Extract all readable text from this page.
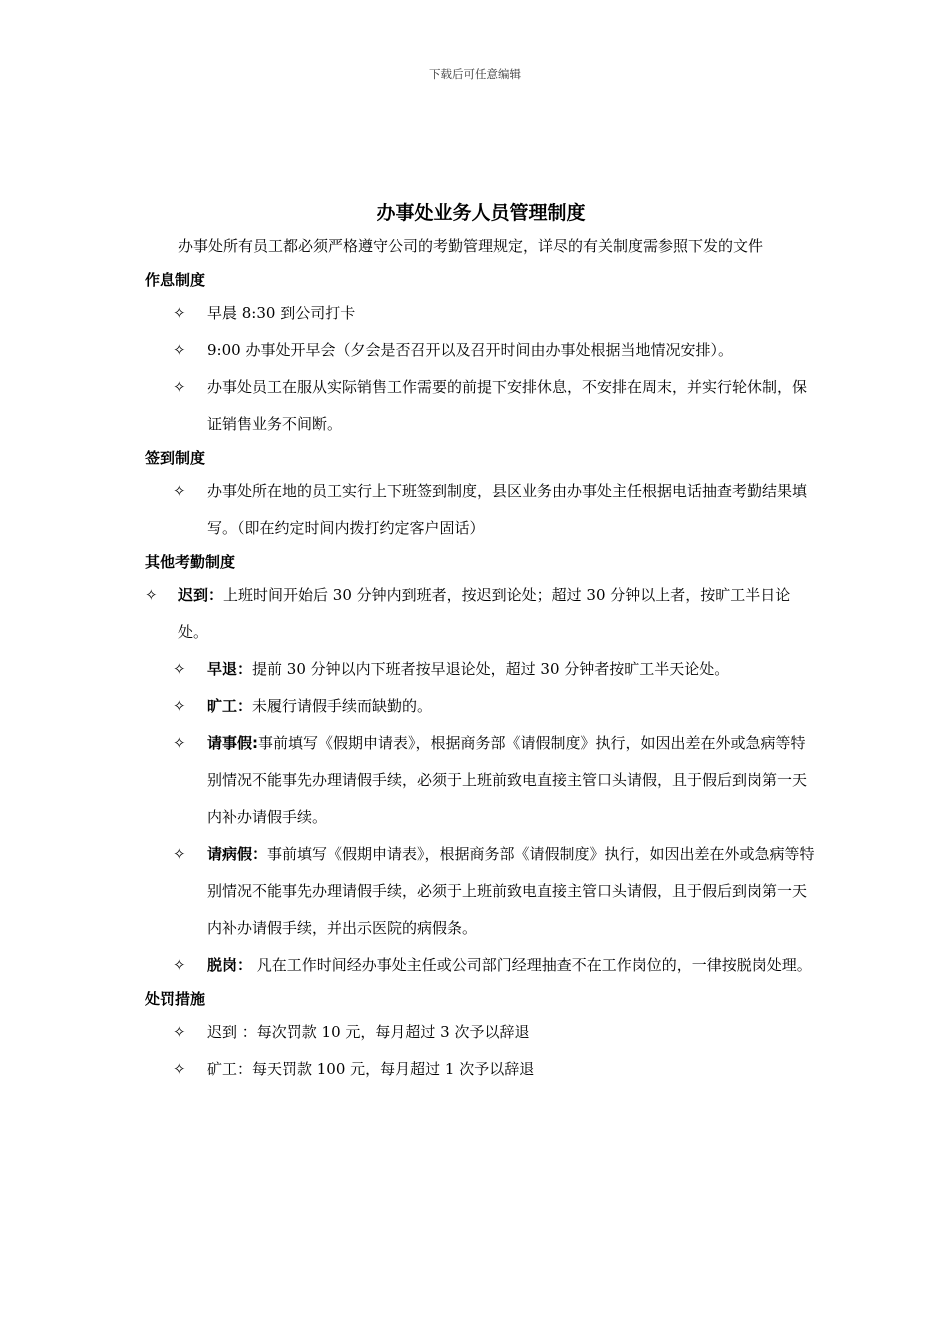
下载后可任意编辑
办事处业务人员管理制度
办事处所有员工都必须严格遵守公司的考勤管理规定，详尽的有关制度需参照下发的文件
作息制度
✧ 早晨 8:30 到公司打卡
✧ 9:00 办事处开早会（夕会是否召开以及召开时间由办事处根据当地情况安排）。
✧ 办事处员工在服从实际销售工作需要的前提下安排休息，不安排在周末，并实行轮休制，保证销售业务不间断。
签到制度
✧ 办事处所在地的员工实行上下班签到制度，县区业务由办事处主任根据电话抽查考勤结果填写。（即在约定时间内拨打约定客户固话）
其他考勤制度
✧ 迟到：上班时间开始后 30 分钟内到班者，按迟到论处；超过 30 分钟以上者，按旷工半日论处。
✧ 早退：提前 30 分钟以内下班者按早退论处，超过 30 分钟者按旷工半天论处。
✧ 旷工：未履行请假手续而缺勤的。
✧ 请事假:事前填写《假期申请表》，根据商务部《请假制度》执行，如因出差在外或急病等特别情况不能事先办理请假手续，必须于上班前致电直接主管口头请假，且于假后到岗第一天内补办请假手续。
✧ 请病假：事前填写《假期申请表》，根据商务部《请假制度》执行，如因出差在外或急病等特别情况不能事先办理请假手续，必须于上班前致电直接主管口头请假，且于假后到岗第一天内补办请假手续，并出示医院的病假条。
✧ 脱岗： 凡在工作时间经办事处主任或公司部门经理抽查不在工作岗位的，一律按脱岗处理。
处罚措施
✧ 迟到 ：每次罚款 10 元，每月超过 3 次予以辞退
✧ 矿工：每天罚款 100 元，每月超过 1 次予以辞退
